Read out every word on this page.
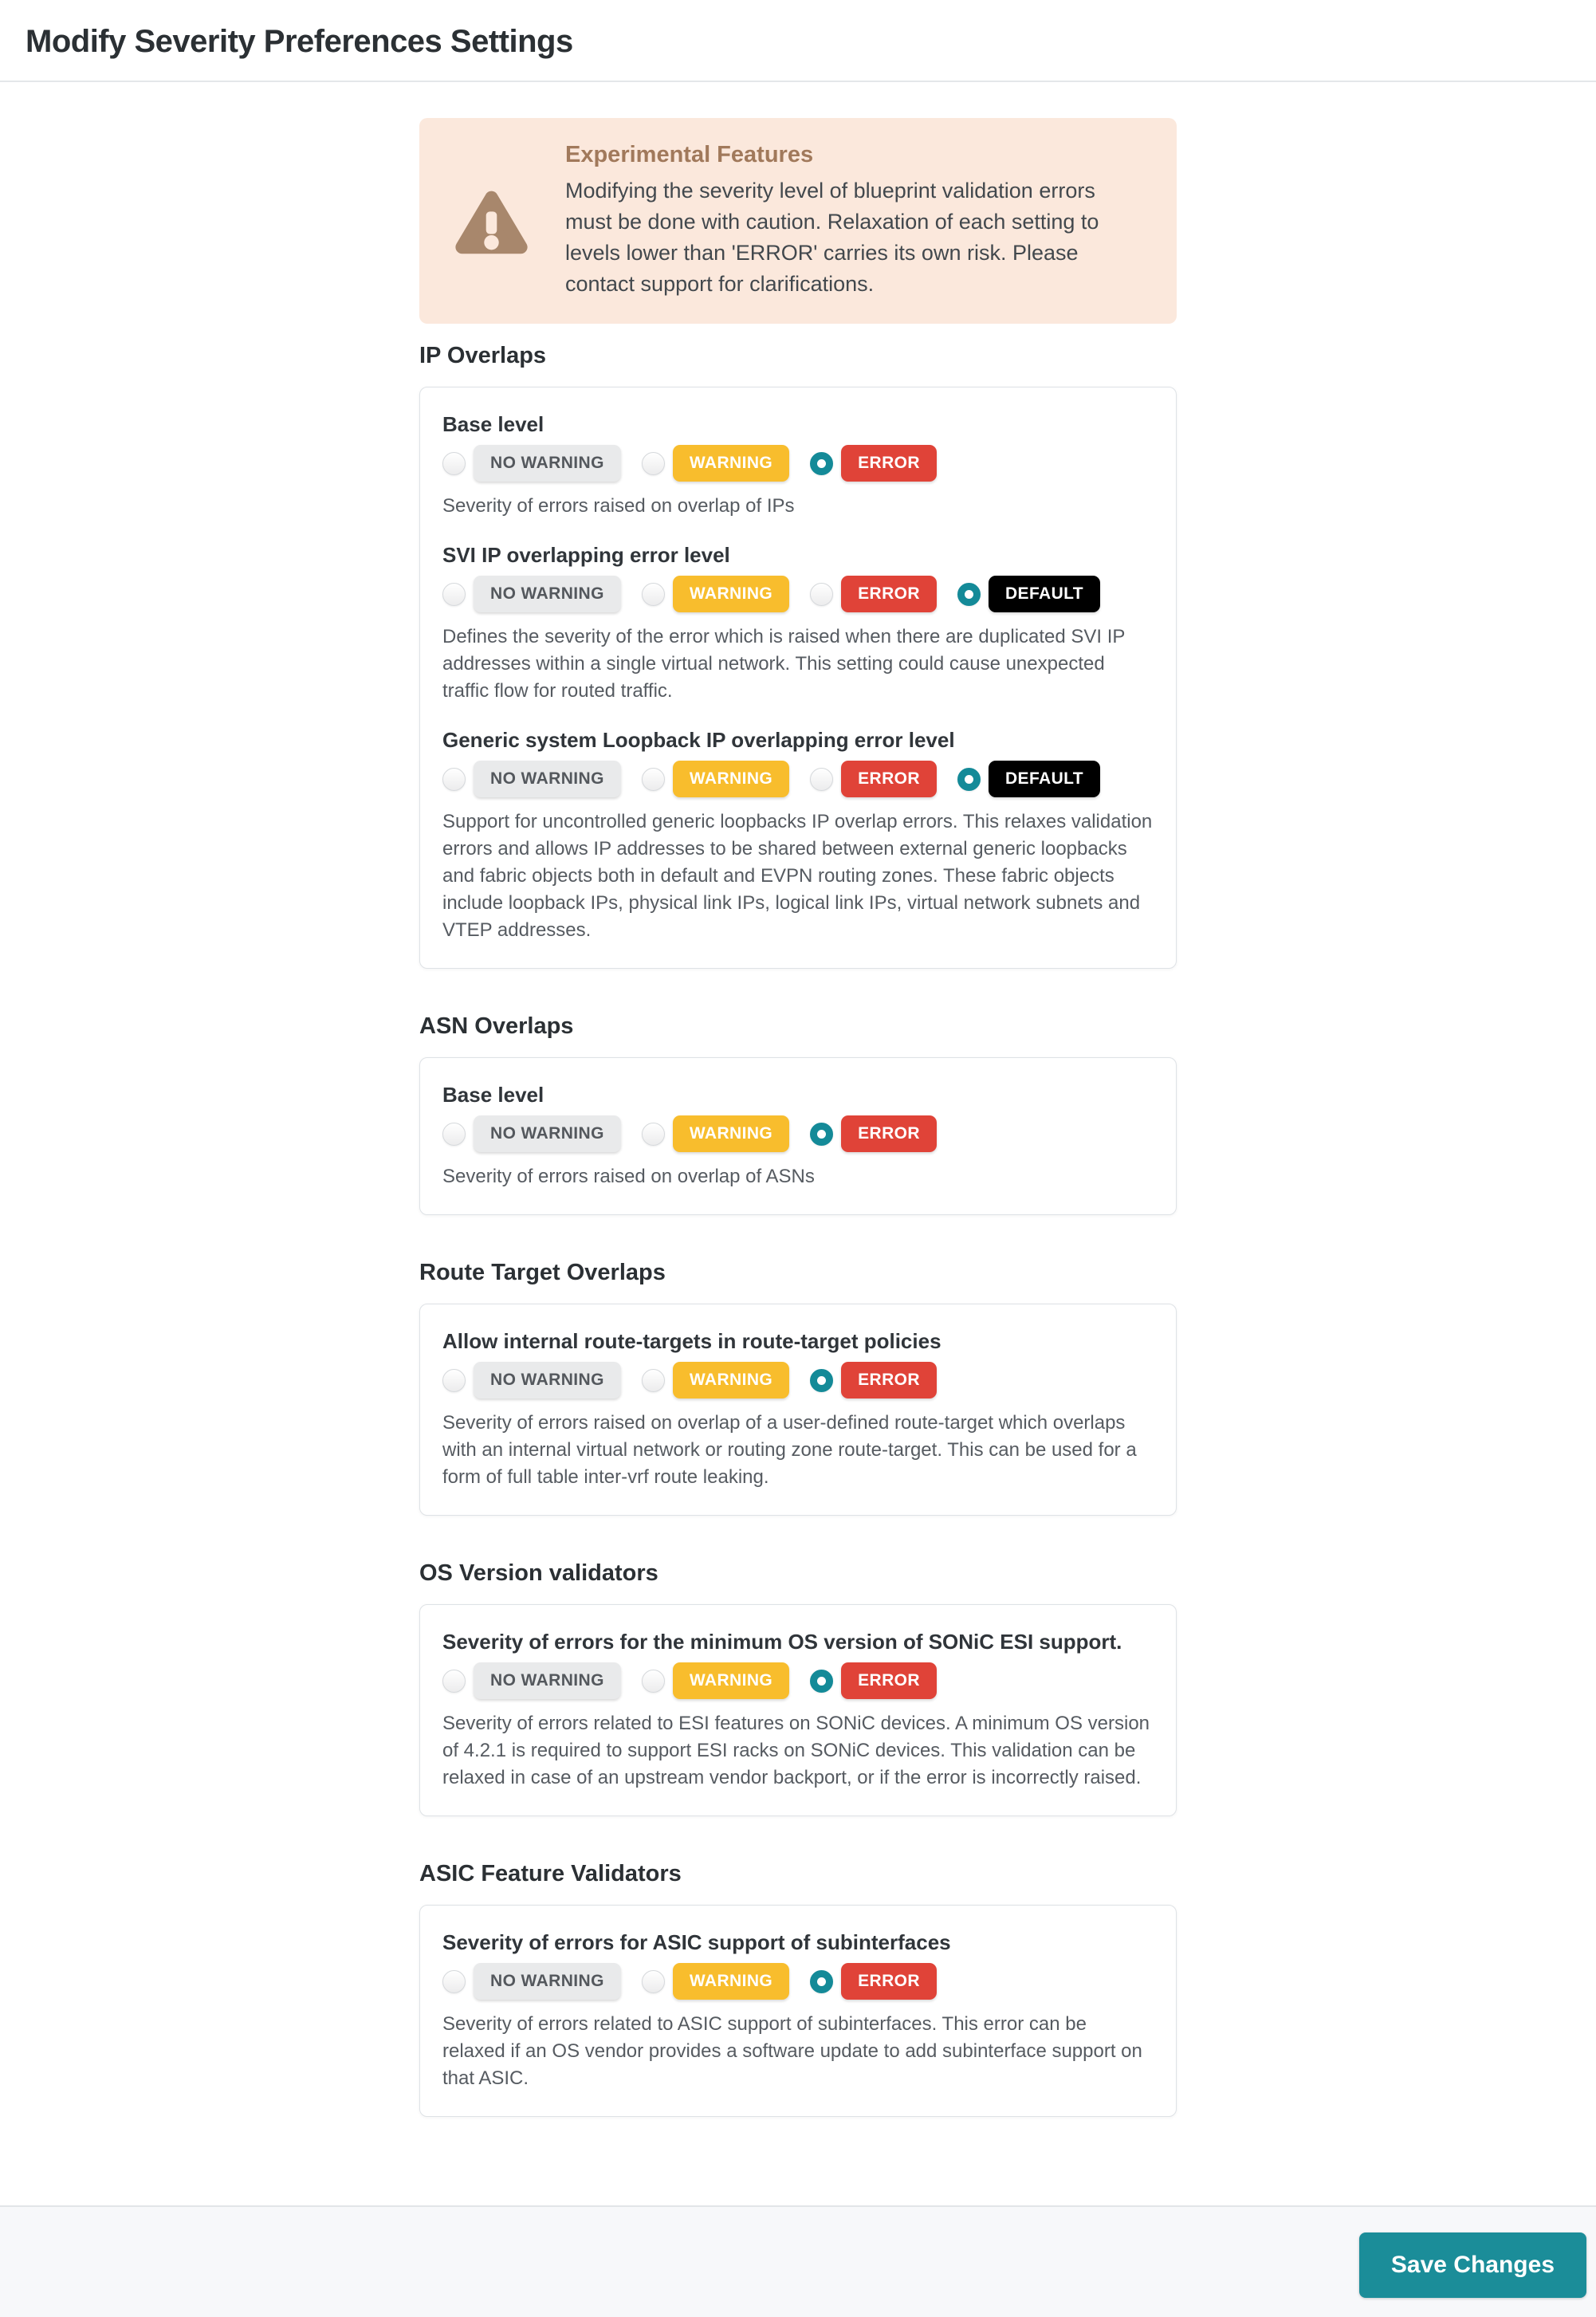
Modify Severity Preferences Settings
Experimental Features
Modifying the severity level of blueprint validation errors must be done with caution. Relaxation of each setting to levels lower than 'ERROR' carries its own risk. Please contact support for clarifications.
IP Overlaps
Base level
NO WARNING	WARNING	ERROR
Severity of errors raised on overlap of IPs
SVI IP overlapping error level
NO WARNING	WARNING	ERROR	DEFAULT
Defines the severity of the error which is raised when there are duplicated SVI IP addresses within a single virtual network. This setting could cause unexpected traffic flow for routed traffic.
Generic system Loopback IP overlapping error level
NO WARNING	WARNING	ERROR	DEFAULT
Support for uncontrolled generic loopbacks IP overlap errors. This relaxes validation errors and allows IP addresses to be shared between external generic loopbacks and fabric objects both in default and EVPN routing zones. These fabric objects include loopback IPs, physical link IPs, logical link IPs, virtual network subnets and VTEP addresses.
ASN Overlaps
Base level
NO WARNING	WARNING	ERROR
Severity of errors raised on overlap of ASNs
Route Target Overlaps
Allow internal route-targets in route-target policies
NO WARNING	WARNING	ERROR
Severity of errors raised on overlap of a user-defined route-target which overlaps with an internal virtual network or routing zone route-target. This can be used for a form of full table inter-vrf route leaking.
OS Version validators
Severity of errors for the minimum OS version of SONiC ESI support.
NO WARNING	WARNING	ERROR
Severity of errors related to ESI features on SONiC devices. A minimum OS version of 4.2.1 is required to support ESI racks on SONiC devices. This validation can be relaxed in case of an upstream vendor backport, or if the error is incorrectly raised.
ASIC Feature Validators
Severity of errors for ASIC support of subinterfaces
NO WARNING	WARNING	ERROR
Severity of errors related to ASIC support of subinterfaces. This error can be relaxed if an OS vendor provides a software update to add subinterface support on that ASIC.
Save Changes
